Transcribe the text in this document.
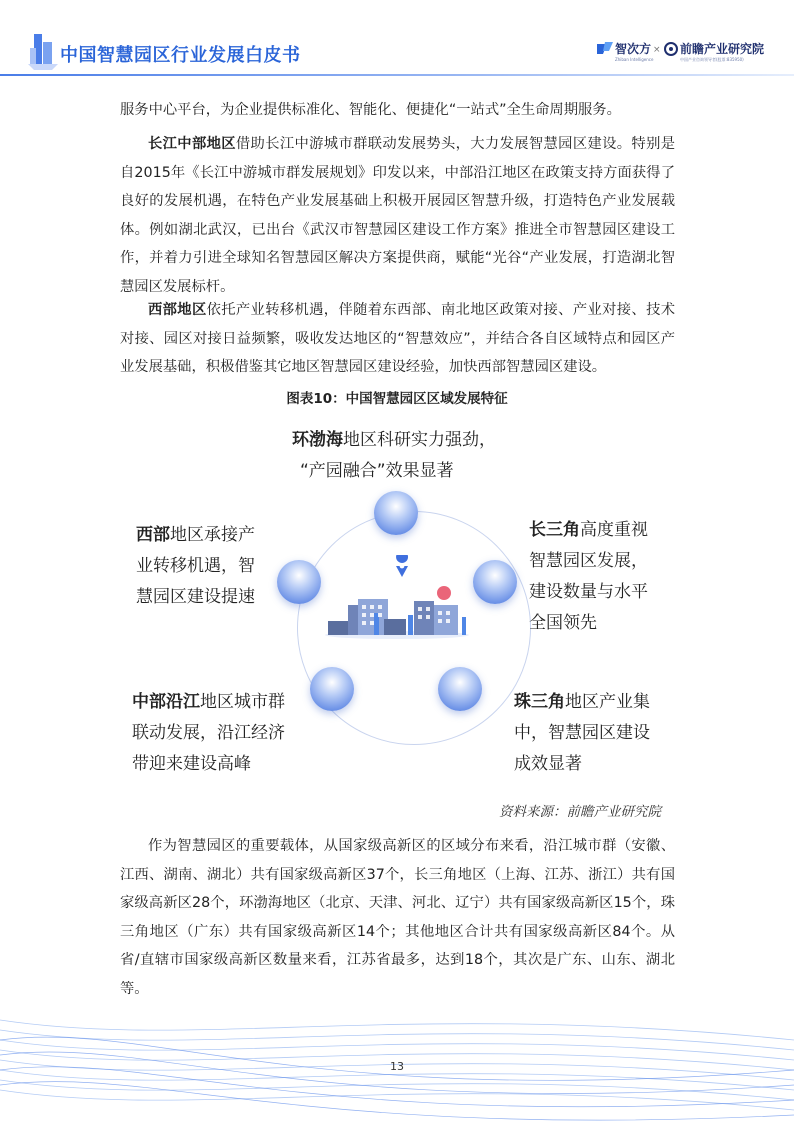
中国智慧园区行业发展白皮书	智次方
Zhiban Intelligence
× 前瞻产业研究院
中国产业咨询领导者(股票:835950)

服务中心平台，为企业提供标准化、智能化、便捷化“一站式”全生命周期服务。

长江中部地区借助长江中游城市群联动发展势头，大力发展智慧园区建设。特别是自2015年《长江中游城市群发展规划》印发以来，中部沿江地区在政策支持方面获得了良好的发展机遇，在特色产业发展基础上积极开展园区智慧升级，打造特色产业发展载体。例如湖北武汉，已出台《武汉市智慧园区建设工作方案》推进全市智慧园区建设工作，并着力引进全球知名智慧园区解决方案提供商，赋能“光谷“产业发展，打造湖北智慧园区发展标杆。

西部地区依托产业转移机遇，伴随着东西部、南北地区政策对接、产业对接、技术对接、园区对接日益频繁，吸收发达地区的“智慧效应”，并结合各自区域特点和园区产业发展基础，积极借鉴其它地区智慧园区建设经验，加快西部智慧园区建设。

图表10：中国智慧园区区域发展特征
环渤海地区科研实力强劲，
“产园融合”效果显著
长三角高度重视
智慧园区发展，
建设数量与水平
全国领先
西部地区承接产
业转移机遇，智
慧园区建设提速
中部沿江地区城市群
联动发展，沿江经济
带迎来建设高峰
珠三角地区产业集
中，智慧园区建设
成效显著
资料来源：前瞻产业研究院

作为智慧园区的重要载体，从国家级高新区的区域分布来看，沿江城市群（安徽、江西、湖南、湖北）共有国家级高新区37个，长三角地区（上海、江苏、浙江）共有国家级高新区28个，环渤海地区（北京、天津、河北、辽宁）共有国家级高新区15个，珠三角地区（广东）共有国家级高新区14个；其他地区合计共有国家级高新区84个。从省/直辖市国家级高新区数量来看，江苏省最多，达到18个，其次是广东、山东、湖北等。

13
